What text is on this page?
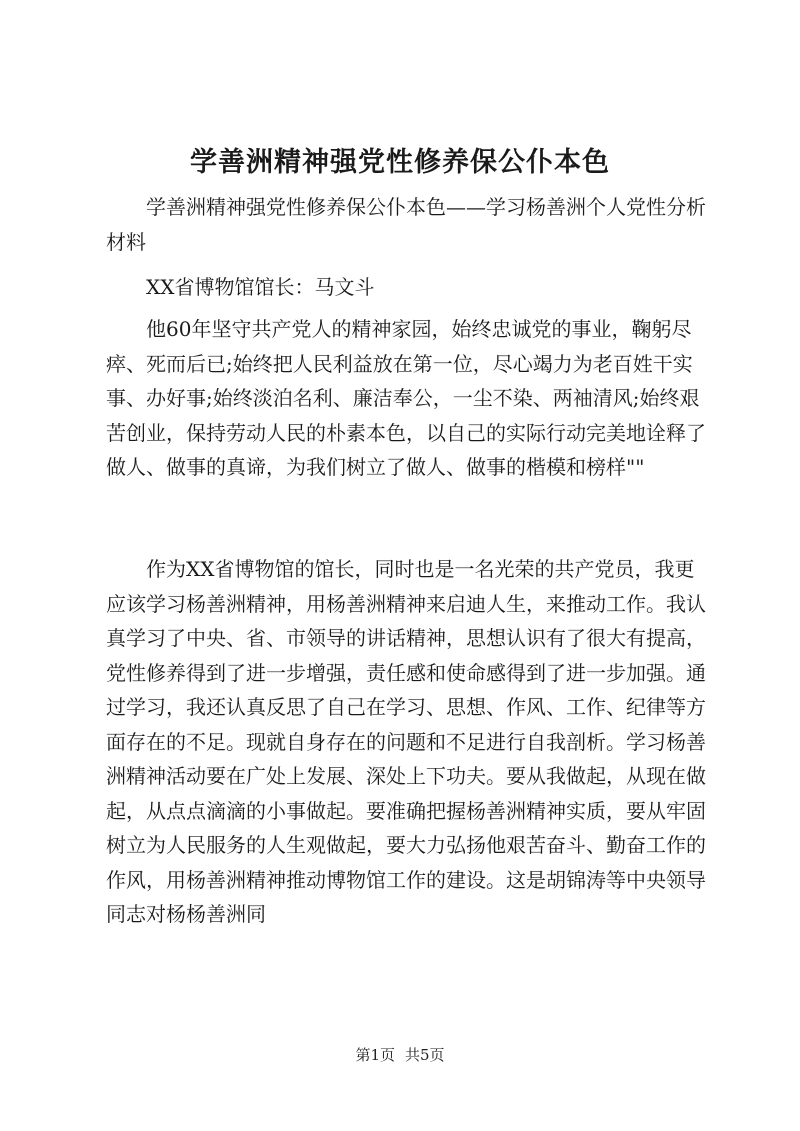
学善洲精神强党性修养保公仆本色

学善洲精神强党性修养保公仆本色——学习杨善洲个人党性分析材料

XX省博物馆馆长：马文斗

他60年坚守共产党人的精神家园，始终忠诚党的事业，鞠躬尽瘁、死而后已;始终把人民利益放在第一位，尽心竭力为老百姓干实事、办好事;始终淡泊名利、廉洁奉公，一尘不染、两袖清风;始终艰苦创业，保持劳动人民的朴素本色，以自己的实际行动完美地诠释了做人、做事的真谛，为我们树立了做人、做事的楷模和榜样""

作为XX省博物馆的馆长，同时也是一名光荣的共产党员，我更应该学习杨善洲精神，用杨善洲精神来启迪人生，来推动工作。我认真学习了中央、省、市领导的讲话精神，思想认识有了很大有提高，党性修养得到了进一步增强，责任感和使命感得到了进一步加强。通过学习，我还认真反思了自己在学习、思想、作风、工作、纪律等方面存在的不足。现就自身存在的问题和不足进行自我剖析。学习杨善洲精神活动要在广处上发展、深处上下功夫。要从我做起，从现在做起，从点点滴滴的小事做起。要准确把握杨善洲精神实质，要从牢固树立为人民服务的人生观做起，要大力弘扬他艰苦奋斗、勤奋工作的作风，用杨善洲精神推动博物馆工作的建设。这是胡锦涛等中央领导同志对杨杨善洲同

第1页 共5页
